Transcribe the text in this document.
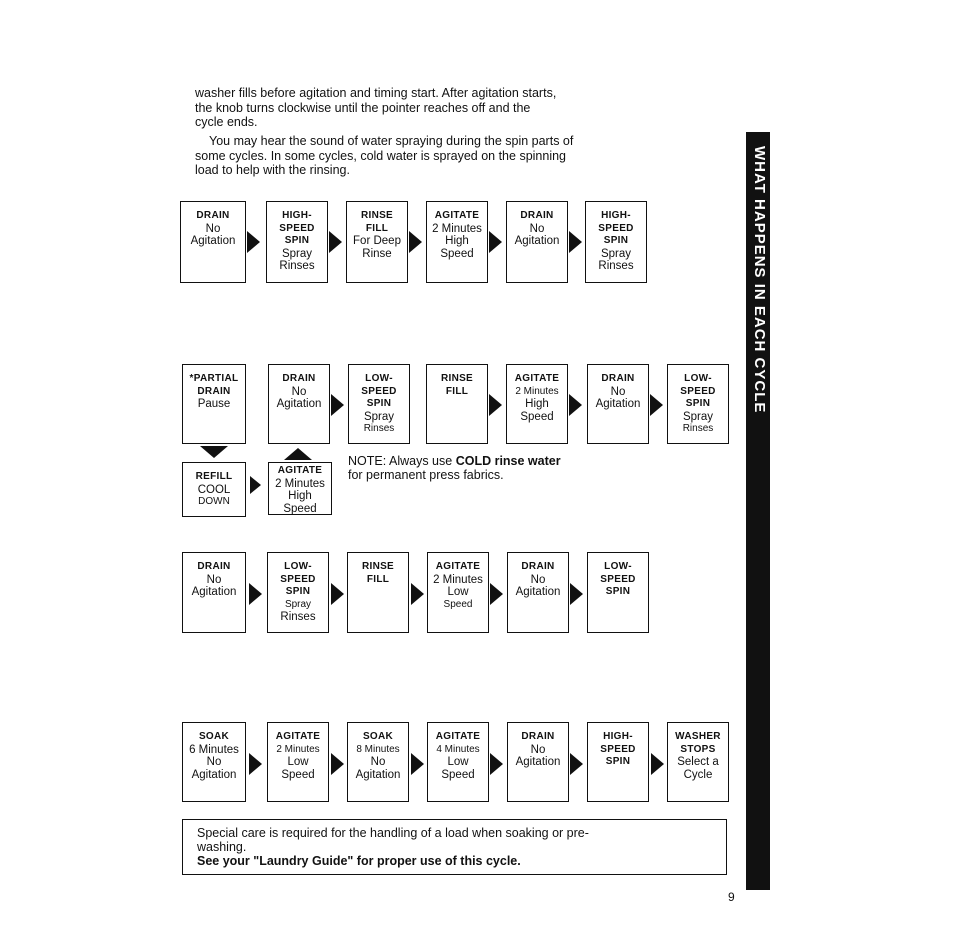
washer fills before agitation and timing start. After agitation starts,
the knob turns clockwise until the pointer reaches off and the
cycle ends.
You may hear the sound of water spraying during the spin parts of
some cycles. In some cycles, cold water is sprayed on the spinning
load to help with the rinsing.
DRAIN
No
Agitation
HIGH-
SPEED
SPIN
Spray
Rinses
RINSE
FILL
For Deep
Rinse
AGITATE
2 Minutes
High
Speed
DRAIN
No
Agitation
HIGH-
SPEED
SPIN
Spray
Rinses
*PARTIAL
DRAIN
Pause
DRAIN
No
Agitation
LOW-
SPEED
SPIN
Spray
Rinses
RINSE
FILL
AGITATE
2 Minutes
High
Speed
DRAIN
No
Agitation
LOW-
SPEED
SPIN
Spray
Rinses
REFILL
COOL
DOWN
AGITATE
2 Minutes
High
Speed
NOTE: Always use COLD rinse water
for permanent press fabrics.
DRAIN
No
Agitation
LOW-
SPEED
SPIN
Spray
Rinses
RINSE
FILL
AGITATE
2 Minutes
Low
Speed
DRAIN
No
Agitation
LOW-
SPEED
SPIN
SOAK
6 Minutes
No
Agitation
AGITATE
2 Minutes
Low
Speed
SOAK
8 Minutes
No
Agitation
AGITATE
4 Minutes
Low
Speed
DRAIN
No
Agitation
HIGH-
SPEED
SPIN
WASHER
STOPS
Select a
Cycle
Special care is required for the handling of a load when soaking or pre-
washing.
See your "Laundry Guide" for proper use of this cycle.
WHAT HAPPENS IN EACH CYCLE
9
